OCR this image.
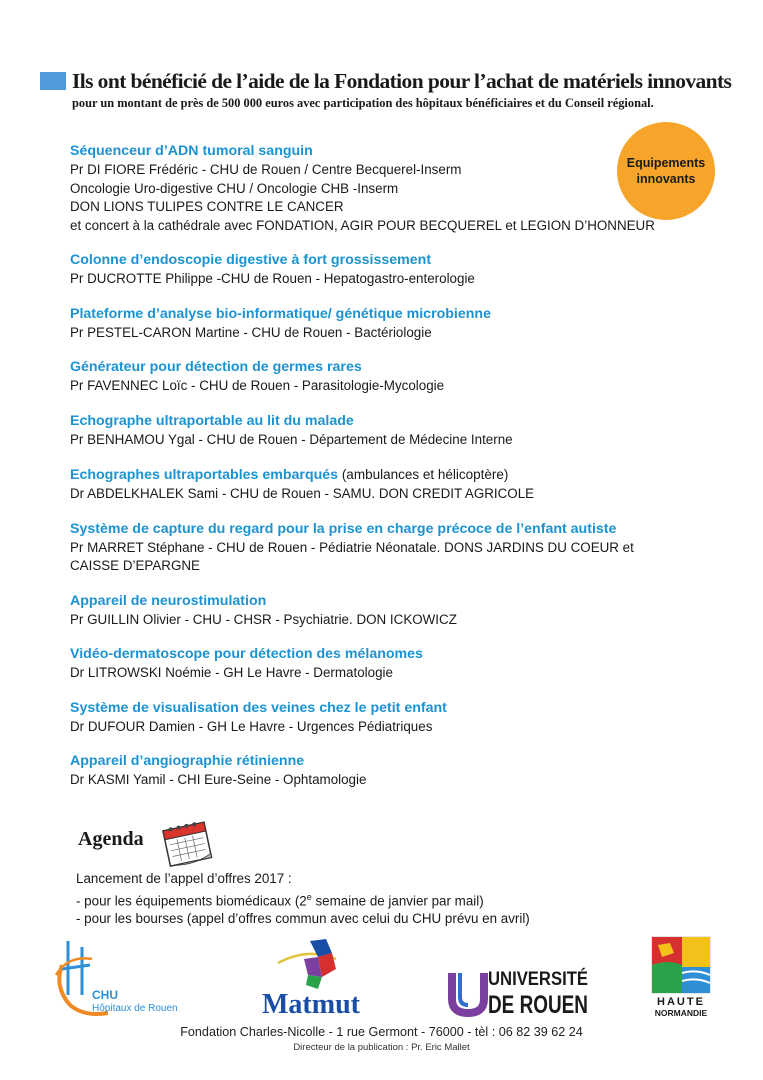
Ils ont bénéficié de l’aide de la Fondation pour l’achat de matériels innovants
pour un montant de près de 500 000 euros avec participation des hôpitaux bénéficiaires et du Conseil régional.
Equipements
innovants
Séquenceur d’ADN tumoral sanguin
Pr DI FIORE Frédéric - CHU de Rouen / Centre Becquerel-Inserm
Oncologie Uro-digestive CHU / Oncologie CHB -Inserm
DON LIONS TULIPES CONTRE LE CANCER
et concert à la cathédrale avec FONDATION, AGIR POUR BECQUEREL et LEGION D’HONNEUR
Colonne d’endoscopie digestive à fort grossissement
Pr DUCROTTE Philippe -CHU de Rouen - Hepatogastro-enterologie
Plateforme d’analyse bio-informatique/ génétique microbienne
Pr PESTEL-CARON Martine - CHU de Rouen - Bactériologie
Générateur pour détection de germes rares
Pr FAVENNEC Loïc - CHU de Rouen - Parasitologie-Mycologie
Echographe ultraportable au lit du malade
Pr BENHAMOU Ygal - CHU de Rouen - Département de Médecine Interne
Echographes ultraportables embarqués (ambulances et hélicoptère)
Dr ABDELKHALEK Sami - CHU de Rouen - SAMU. DON CREDIT AGRICOLE
Système de capture du regard pour la prise en charge précoce de l’enfant autiste
Pr MARRET Stéphane - CHU de Rouen - Pédiatrie Néonatale. DONS JARDINS DU COEUR et
CAISSE D’EPARGNE
Appareil de neurostimulation
Pr GUILLIN Olivier - CHU - CHSR - Psychiatrie. DON ICKOWICZ
Vidéo-dermatoscope pour détection des mélanomes
Dr LITROWSKI Noémie - GH Le Havre - Dermatologie
Système de visualisation des veines chez le petit enfant
Dr DUFOUR Damien - GH Le Havre - Urgences Pédiatriques
Appareil d’angiographie rétinienne
Dr KASMI Yamil - CHI Eure-Seine - Ophtamologie
Agenda
Lancement de l’appel d’offres 2017 :
- pour les équipements biomédicaux (2e semaine de janvier par mail)
- pour les bourses (appel d’offres commun avec celui du CHU prévu en avril)
CHU
Hôpitaux de Rouen	Matmut
UNIVERSITÉ
DE ROUEN	HAUTE
NORMANDIE
Fondation Charles-Nicolle - 1 rue Germont - 76000 - tèl : 06 82 39 62 24
Directeur de la publication : Pr. Eric Mallet
